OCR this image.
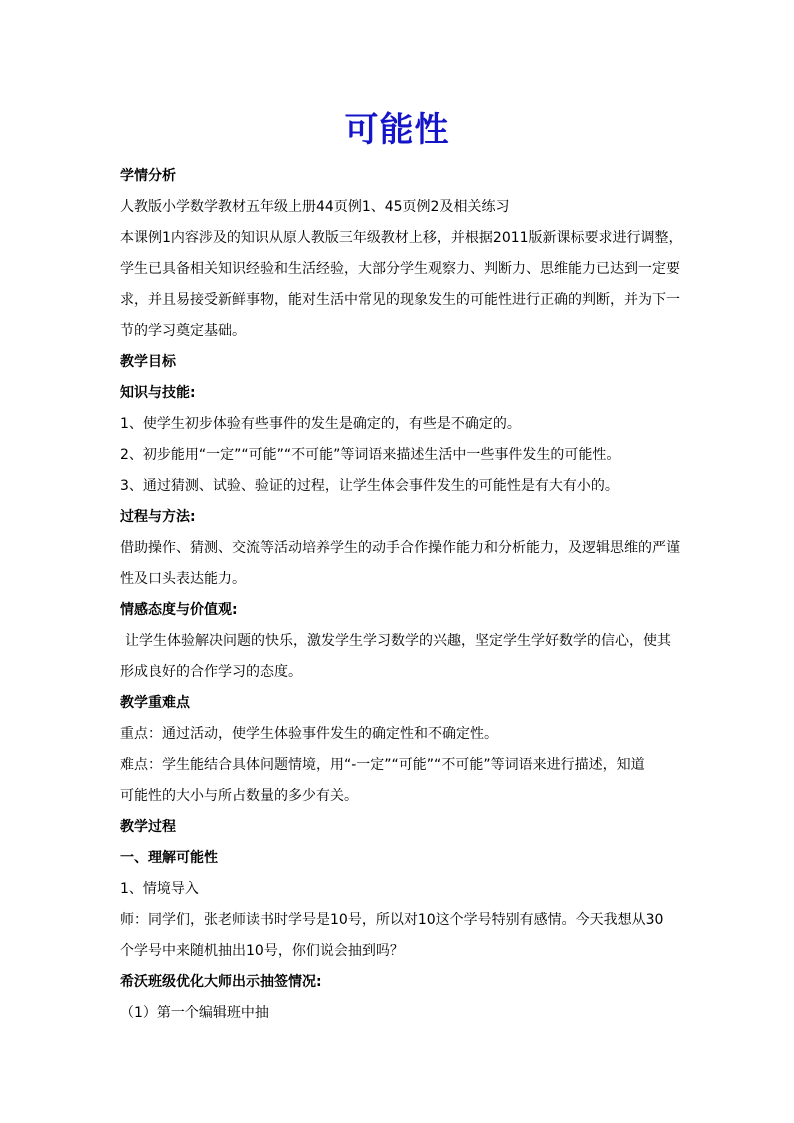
可能性

学情分析

人教版小学数学教材五年级上册44页例1、45页例2及相关练习

本课例1内容涉及的知识从原人教版三年级教材上移，并根据2011版新课标要求进行调整，

学生已具备相关知识经验和生活经验，大部分学生观察力、判断力、思维能力已达到一定要

求，并且易接受新鲜事物，能对生活中常见的现象发生的可能性进行正确的判断，并为下一

节的学习奠定基础。

教学目标

知识与技能:

1、使学生初步体验有些事件的发生是确定的，有些是不确定的。

2、初步能用“一定”“可能”“不可能”等词语来描述生活中一些事件发生的可能性。

3、通过猜测、试验、验证的过程，让学生体会事件发生的可能性是有大有小的。

过程与方法:

借助操作、猜测、交流等活动培养学生的动手合作操作能力和分析能力，及逻辑思维的严谨

性及口头表达能力。

情感态度与价值观:

让学生体验解决问题的快乐，激发学生学习数学的兴趣，坚定学生学好数学的信心，使其

形成良好的合作学习的态度。

教学重难点

重点：通过活动，使学生体验事件发生的确定性和不确定性。

难点：学生能结合具体问题情境，用“-一定”“可能”“不可能”等词语来进行描述，知道

可能性的大小与所占数量的多少有关。

教学过程

一、理解可能性

1、情境导入

师：同学们，张老师读书时学号是10号，所以对10这个学号特别有感情。今天我想从30

个学号中来随机抽出10号，你们说会抽到吗？

希沃班级优化大师出示抽签情况:

（1）第一个编辑班中抽
